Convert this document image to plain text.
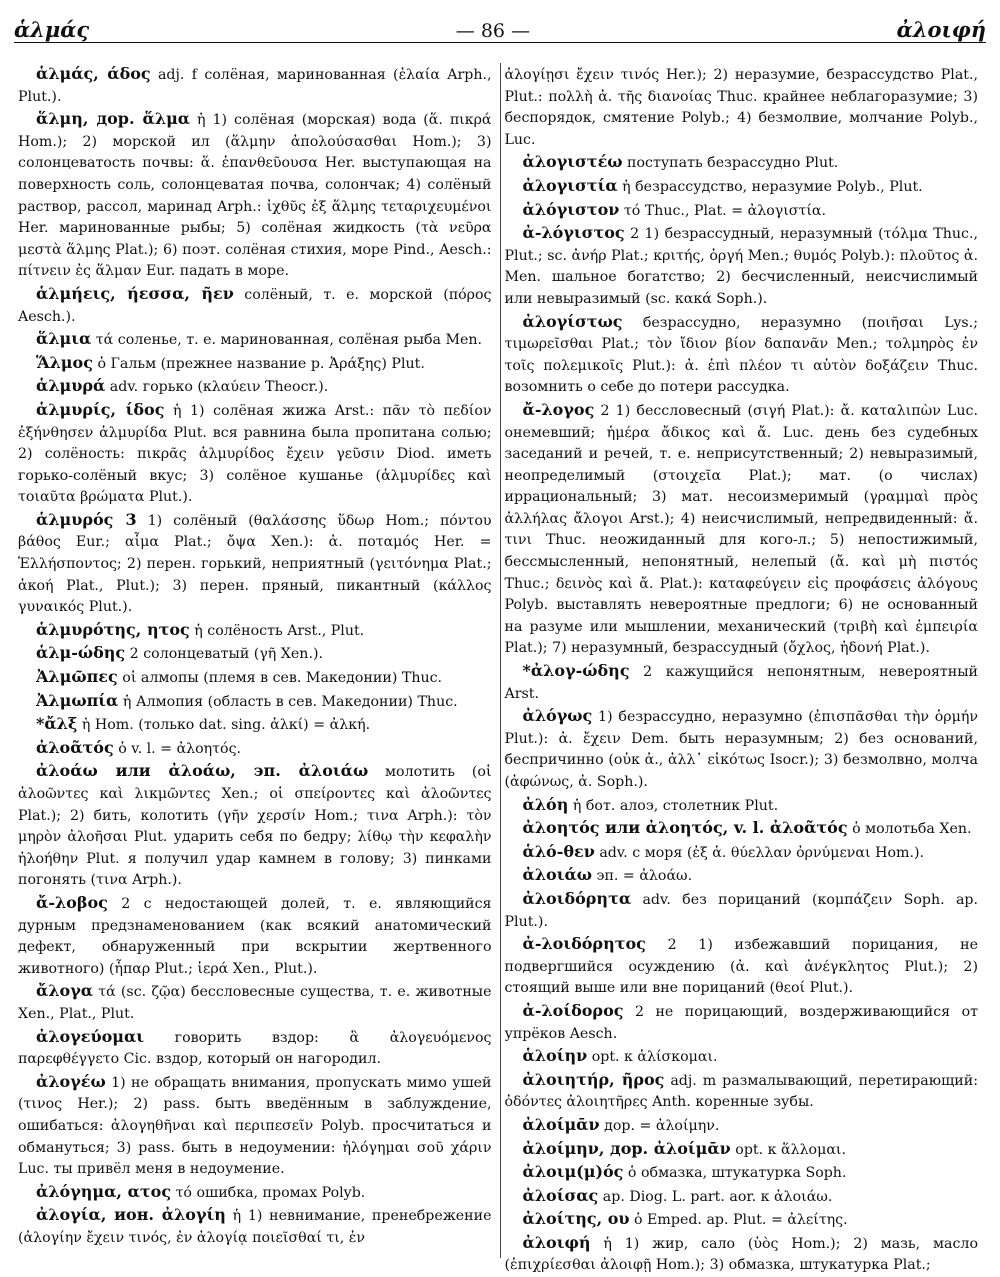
ἁλμάς	— 86 —	ἀλοιφή

ἁλμάς, άδος adj. f солёная, маринованная (ἐλαία Arph., Plut.).

ἅλμη, дор. ἅλμα ἡ 1) солёная (морская) вода (ἅ. πικρά Hom.); 2) морской ил (ἅλμην ἀπολούσασθαι Hom.); 3) солонцеватость почвы: ἅ. ἐπανθεῦουσα Her. выступающая на поверхность соль, солонцеватая почва, солончак; 4) солёный раствор, рассол, маринад Arph.: ἰχθῦς ἐξ ἅλμης τεταριχευμένοι Her. маринованные рыбы; 5) солёная жидкость (τὰ νεῦρα μεστὰ ἅλμης Plat.); 6) поэт. солёная стихия, море Pind., Aesch.: πίτνειν ἐς ἅλμαν Eur. падать в море.

ἁλμήεις, ήεσσα, ῆεν солёный, т. е. морской (πόρος Aesch.).

ἅλμια τά соленье, т. е. маринованная, солёная рыба Men.

Ἅλμος ὁ Гальм (прежнее название р. Ἀράξης) Plut.

ἁλμυρά adv. горько (κλαύειν Theocr.).

ἁλμυρίς, ίδος ἡ 1) солёная жижа Arst.: πᾶν τὸ πεδίον ἐξήνθησεν ἁλμυρίδα Plut. вся равнина была пропитана солью; 2) солёность: πικρᾶς ἁλμυρίδος ἔχειν γεῦσιν Diod. иметь горько-солёный вкус; 3) солёное кушанье (ἁλμυρίδες καὶ τοιαῦτα βρώματα Plut.).

ἁλμυρός 3 1) солёный (θαλάσσης ὕδωρ Hom.; πόντου βάθος Eur.; αἷμα Plat.; ὄψα Xen.): ἁ. ποταμός Her. = Ἑλλήσποντος; 2) перен. горький, неприятный (γειτόνημα Plat.; ἀκοή Plat., Plut.); 3) перен. пряный, пикантный (κάλλος γυναικός Plut.).

ἁλμυρότης, ητος ἡ солёность Arst., Plut.

ἁλμ-ώδης 2 солонцеватый (γῆ Xen.).

Ἀλμῶπες οἱ алмопы (племя в сев. Македонии) Thuc.

Ἀλμωπία ἡ Алмопия (область в сев. Македонии) Thuc.

*ἄλξ ἡ Hom. (только dat. sing. ἀλκί) = ἀλκή.

ἀλοᾶτός ὁ v. l. = ἀλοητός.

ἀλοάω или ἀλοάω, эп. ἀλοιάω молотить (οἱ ἀλοῶντες καὶ λικμῶντες Xen.; οἱ σπείροντες καὶ ἀλοῶντες Plat.); 2) бить, колотить (γῆν χερσίν Hom.; τινα Arph.): τὸν μηρὸν ἀλοῆσαι Plut. ударить себя по бедру; λίθῳ τὴν κεφαλὴν ἠλοήθην Plut. я получил удар камнем в голову; 3) пинками погонять (τινα Arph.).

ἄ-λοβος 2 с недостающей долей, т. е. являющийся дурным предзнаменованием (как всякий анатомический дефект, обнаруженный при вскрытии жертвенного животного) (ἧπαρ Plut.; ἱερά Xen., Plut.).

ἄλογα τά (sc. ζῷα) бессловесные существа, т. е. животные Xen., Plat., Plut.

ἀλογεύομαι говорить вздор: ἃ ἀλογευόμενος παρεφθέγγετο Cic. вздор, который он нагородил.

ἀλογέω 1) не обращать внимания, пропускать мимо ушей (τινος Her.); 2) pass. быть введённым в заблуждение, ошибаться: ἀλογηθῆναι καὶ περιπεσεῖν Polyb. просчитаться и обмануться; 3) pass. быть в недоумении: ἠλόγημαι σοῦ χάριν Luc. ты привёл меня в недоумение.

ἀλόγημα, ατος τό ошибка, промах Polyb.

ἀλογία, ион. ἀλογίη ἡ 1) невнимание, пренебрежение (ἀλογίην ἔχειν τινός, ἐν ἀλογίᾳ ποιεῖσθαί τι, ἐν

ἀλογίῃσι ἔχειν τινός Her.); 2) неразумие, безрассудство Plat., Plut.: πολλὴ ἀ. τῆς διανοίας Thuc. крайнее неблагоразумие; 3) беспорядок, смятение Polyb.; 4) безмолвие, молчание Polyb., Luc.

ἀλογιστέω поступать безрассудно Plut.

ἀλογιστία ἡ безрассудство, неразумие Polyb., Plut.

ἀλόγιστον τό Thuc., Plat. = ἀλογιστία.

ἀ-λόγιστος 2 1) безрассудный, неразумный (τόλμα Thuc., Plut.; sc. ἀνήρ Plat.; κριτής, ὀργή Men.; θυμός Polyb.): πλοῦτος ἀ. Men. шальное богатство; 2) бесчисленный, неисчислимый или невыразимый (sc. κακά Soph.).

ἀλογίστως безрассудно, неразумно (ποιῆσαι Lys.; τιμωρεῖσθαι Plat.; τὸν ἴδιον βίον δαπανᾶν Men.; τολμηρὸς ἐν τοῖς πολεμικοῖς Plut.): ἀ. ἐπὶ πλέον τι αὑτὸν δοξάζειν Thuc. возомнить о себе до потери рассудка.

ἄ-λογος 2 1) бессловесный (σιγή Plat.): ἄ. καταλιπὼν Luc. онемевший; ἡμέρα ἄδικος καὶ ἄ. Luc. день без судебных заседаний и речей, т. е. неприсутственный; 2) невыразимый, неопределимый (στοιχεῖα Plat.); мат. (о числах) иррациональный; 3) мат. несоизмеримый (γραμμαὶ πρὸς ἀλλήλας ἄλογοι Arst.); 4) неисчислимый, непредвиденный: ἄ. τινι Thuc. неожиданный для кого-л.; 5) непостижимый, бессмысленный, непонятный, нелепый (ἄ. καὶ μὴ πιστός Thuc.; δεινὸς καὶ ἄ. Plat.): καταφεύγειν εἰς προφάσεις ἀλόγους Polyb. выставлять невероятные предлоги; 6) не основанный на разуме или мышлении, механический (τριβὴ καὶ ἐμπειρία Plat.); 7) неразумный, безрассудный (ὄχλος, ἡδονή Plat.).

*ἀλογ-ώδης 2 кажущийся непонятным, невероятный Arst.

ἀλόγως 1) безрассудно, неразумно (ἐπισπᾶσθαι τὴν ὁρμήν Plut.): ἀ. ἔχειν Dem. быть неразумным; 2) без оснований, беспричинно (οὐκ ἀ., ἀλλ᾽ εἰκότως Isocr.); 3) безмолвно, молча (ἀφώνως, ἀ. Soph.).

ἀλόη ἡ бот. алоэ, столетник Plut.

ἀλοητός или ἀλοητός, v. l. ἀλοᾶτός ὁ молотьба Xen.

ἁλό-θεν adv. с моря (ἐξ ἁ. θύελλαν ὀρνύμεναι Hom.).

ἀλοιάω эп. = ἀλοάω.

ἀλοιδόρητα adv. без порицаний (κομπάζειν Soph. ap. Plut.).

ἀ-λοιδόρητος 2 1) избежавший порицания, не подвергшийся осуждению (ἀ. καὶ ἀνέγκλητος Plut.); 2) стоящий выше или вне порицаний (θεοί Plut.).

ἀ-λοίδορος 2 не порицающий, воздерживающийся от упрёков Aesch.

ἁλοίην opt. к ἁλίσκομαι.

ἀλοιητήρ, ῆρος adj. m размалывающий, перетирающий: ὀδόντες ἀλοιητῆρες Anth. коренные зубы.

ἀλοίμᾱν дор. = ἀλοίμην.

ἀλοίμην, дор. ἀλοίμᾱν opt. к ἅλλομαι.

ἀλοιμ(μ)ός ὁ обмазка, штукатурка Soph.

ἀλοίσας ap. Diog. L. part. aor. к ἀλοιάω.

ἀλοίτης, ου ὁ Emped. ap. Plut. = ἀλείτης.

ἀλοιφή ἡ 1) жир, сало (ὑὸς Hom.); 2) мазь, масло (ἐπιχρίεσθαι ἀλοιφῇ Hom.); 3) обмазка, штукатурка Plat.;
